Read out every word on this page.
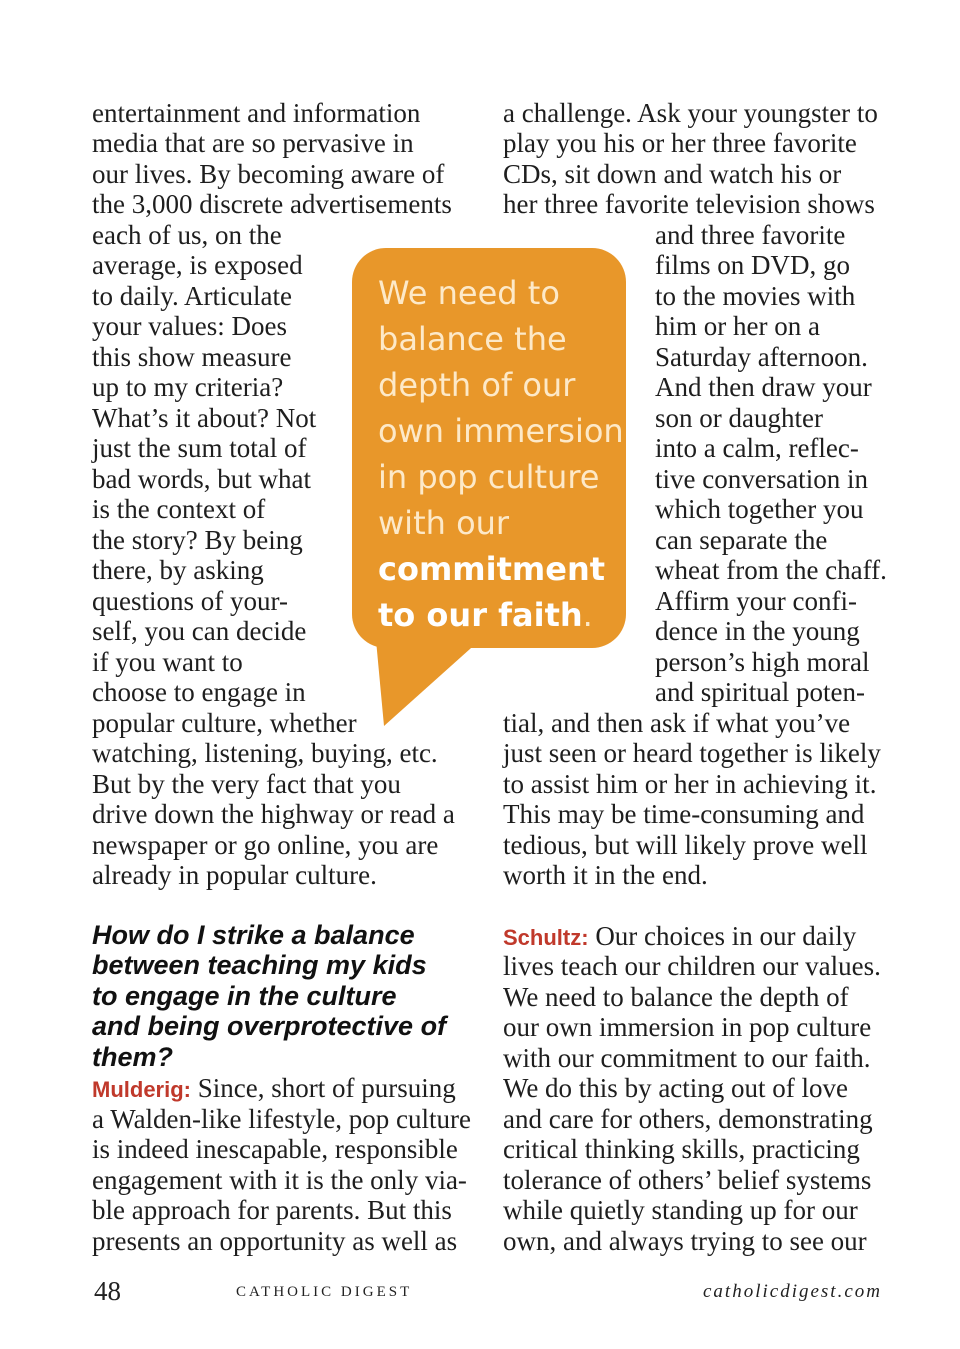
entertainment and information
media that are so pervasive in
our lives. By becoming aware of
the 3,000 discrete advertisements
each of us, on the
average, is exposed
to daily. Articulate
your values: Does
this show measure
up to my criteria?
What’s it about? Not
just the sum total of
bad words, but what
is the context of
the story? By being
there, by asking
questions of your-
self, you can decide
if you want to
choose to engage in
popular culture, whether
watching, listening, buying, etc.
But by the very fact that you
drive down the highway or read a
newspaper or go online, you are
already in popular culture.
How do I strike a balance
between teaching my kids
to engage in the culture
and being overprotective of
them?
Mulderig: Since, short of pursuing
a Walden-like lifestyle, pop culture
is indeed inescapable, responsible
engagement with it is the only via-
ble approach for parents. But this
presents an opportunity as well as
a challenge. Ask your youngster to
play you his or her three favorite
CDs, sit down and watch his or
her three favorite television shows
and three favorite
films on DVD, go
to the movies with
him or her on a
Saturday afternoon.
And then draw your
son or daughter
into a calm, reflec-
tive conversation in
which together you
can separate the
wheat from the chaff.
Affirm your confi-
dence in the young
person’s high moral
and spiritual poten-
tial, and then ask if what you’ve
just seen or heard together is likely
to assist him or her in achieving it.
This may be time-consuming and
tedious, but will likely prove well
worth it in the end.
Schultz: Our choices in our daily
lives teach our children our values.
We need to balance the depth of
our own immersion in pop culture
with our commitment to our faith.
We do this by acting out of love
and care for others, demonstrating
critical thinking skills, practicing
tolerance of others’ belief systems
while quietly standing up for our
own, and always trying to see our
We need to
balance the
depth of our
own immersion
in pop culture
with our
commitment
to our faith.
48	CATHOLIC DIGEST	catholicdigest.com
